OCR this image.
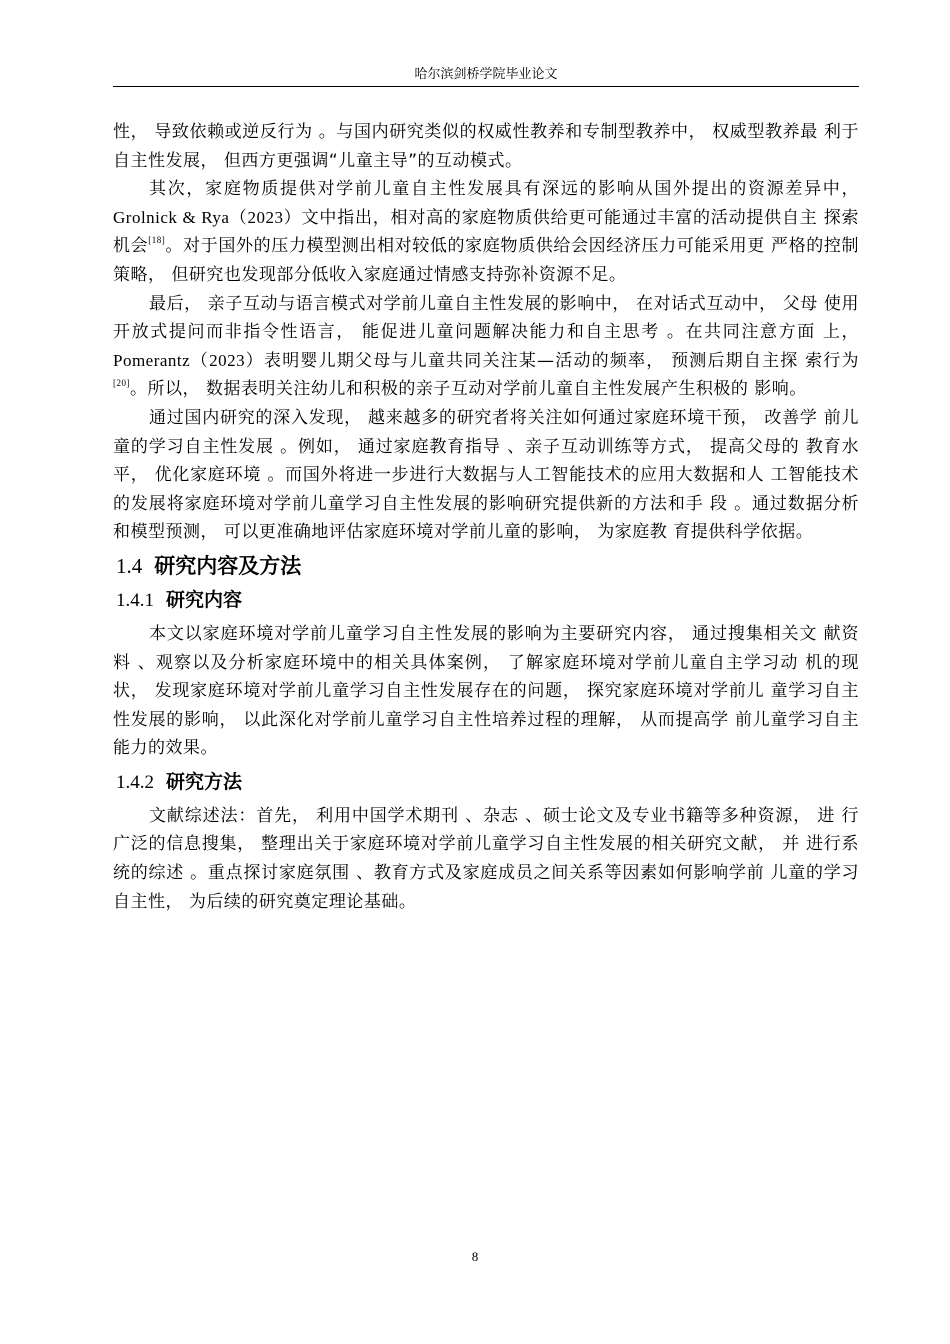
哈尔滨剑桥学院毕业论文

性， 导致依赖或逆反行为 。与国内研究类似的权威性教养和专制型教养中， 权威型教养最 利于自主性发展， 但西方更强调“儿童主导”的互动模式。

其次，家庭物质提供对学前儿童自主性发展具有深远的影响从国外提出的资源差异中， Grolnick & Rya（2023）文中指出，相对高的家庭物质供给更可能通过丰富的活动提供自主 探索机会[18]。对于国外的压力模型测出相对较低的家庭物质供给会因经济压力可能采用更 严格的控制策略， 但研究也发现部分低收入家庭通过情感支持弥补资源不足。

最后， 亲子互动与语言模式对学前儿童自主性发展的影响中， 在对话式互动中， 父母 使用开放式提问而非指令性语言， 能促进儿童问题解决能力和自主思考 。在共同注意方面 上，Pomerantz（2023）表明婴儿期父母与儿童共同关注某—活动的频率， 预测后期自主探 索行为[20]。所以， 数据表明关注幼儿和积极的亲子互动对学前儿童自主性发展产生积极的 影响。

通过国内研究的深入发现， 越来越多的研究者将关注如何通过家庭环境干预， 改善学 前儿童的学习自主性发展 。例如， 通过家庭教育指导 、亲子互动训练等方式， 提高父母的 教育水平， 优化家庭环境 。而国外将进一步进行大数据与人工智能技术的应用大数据和人 工智能技术的发展将家庭环境对学前儿童学习自主性发展的影响研究提供新的方法和手 段 。通过数据分析和模型预测， 可以更准确地评估家庭环境对学前儿童的影响， 为家庭教 育提供科学依据。

1.4 研究内容及方法
1.4.1 研究内容

本文以家庭环境对学前儿童学习自主性发展的影响为主要研究内容， 通过搜集相关文 献资料 、观察以及分析家庭环境中的相关具体案例， 了解家庭环境对学前儿童自主学习动 机的现状， 发现家庭环境对学前儿童学习自主性发展存在的问题， 探究家庭环境对学前儿 童学习自主性发展的影响， 以此深化对学前儿童学习自主性培养过程的理解， 从而提高学 前儿童学习自主能力的效果。

1.4.2 研究方法

文献综述法：首先， 利用中国学术期刊 、杂志 、硕士论文及专业书籍等多种资源， 进 行广泛的信息搜集， 整理出关于家庭环境对学前儿童学习自主性发展的相关研究文献， 并 进行系统的综述 。重点探讨家庭氛围 、教育方式及家庭成员之间关系等因素如何影响学前 儿童的学习自主性， 为后续的研究奠定理论基础。

8
